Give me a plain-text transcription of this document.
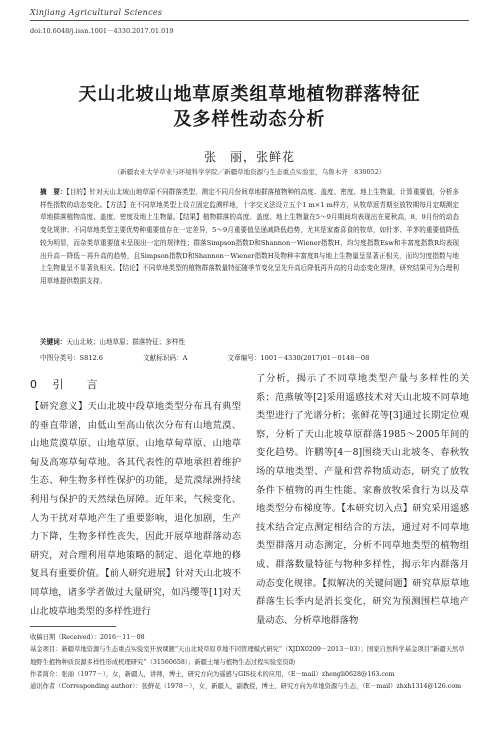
Xinjiang Agricultural Sciences
doi:10.6048/j.issn.1001－4330.2017.01.019
天山北坡山地草原类组草地植物群落特征
及多样性动态分析
张　丽，张鲜花
（新疆农业大学草业与环境科学学院／新疆草地资源与生态重点实验室，乌鲁木齐　830052）
摘　要：【目的】针对天山北坡山地草原不同群落类型，测定不同月份间草地群落植物种的高度、盖度、密度、地上生物量，计算重要值，分析多样性指数的动态变化。【方法】在不同草地类型上设立固定监测样地，十字交叉法设立五个1 m×1 m样方，从牧草返青期至放牧期每月定期测定草地群落植物高度、盖度、密度及地上生物量。【结果】植物群落的高度、盖度、地上生物量在5～9月期间均表现出在夏秋高，8，9月份的动态变化规律；不同草地类型主要优势种重要值存在一定差异，5～9月重要值呈递减降低趋势，尤其是家畜喜食的牧草，如针茅、羊茅的重要值降低较为明显，而杂类草重要值未呈现出一定的规律性；群落Simpson指数D和Shannon－Wiener指数H、均匀度指数Esw和丰富度指数R均表现出升高－降低－再升高的趋势，且Simpson指数D和Shannon－Wiener指数H及物种丰富度R与地上生物量呈显著正相关，而均匀度指数与地上生物量呈不显著负相关。【结论】不同草地类型的植物群落数量特征随季节变化呈先升高后降低再升高的月动态变化规律，研究结果可为合理利用草地提供数据支持。
关键词：天山北坡；山地草原；群落特征；多样性
中图分类号：S812.6	文献标识码：A	文章编号：1001－4330(2017)01－0148－08
0 引　言
【研究意义】天山北坡中段草地类型分布具有典型的垂直带谱，由低山至高山依次分布有山地荒漠、山地荒漠草原、山地草原、山地草甸草原、山地草甸及高寒草甸草地。各其代表性的草地承担着维护生态、种生物多样性保护的功能，是荒漠绿洲持续利用与保护的天然绿色屏障。近年来，气候变化、人为干扰对草地产生了重要影响，退化加剧，生产力下降，生物多样性丧失，因此开展草地群落动态研究，对合理利用草地策略的制定、退化草地的修复具有重要价值。【前人研究进展】针对天山北坡不同草地，诸多学者做过大量研究，如冯缨等[1]对天山北坡草地类型的多样性进行
了分析，揭示了不同草地类型产量与多样性的关系；范燕敏等[2]采用遥感技术对天山北坡不同草地类型进行了光谱分析；张鲜花等[3]通过长期定位观察，分析了天山北坡草原群落1985～2005年间的变化趋势。许鹏等[4－8]围绕天山北坡冬、春秋牧场的草地类型、产量和营养物质动态，研究了放牧条件下植物的再生性能、家畜放牧采食行为以及草地类型分布梯度等。【本研究切入点】研究采用遥感技术结合定点测定相结合的方法，通过对不同草地类型群落月动态测定，分析不同草地类型的植物组成、群落数量特征与物种多样性，揭示年内群落月动态变化规律。【拟解决的关键问题】研究草原草地群落生长季内是消长变化，研究为预测围栏草地产量动态、分析草地群落物

收稿日期（Received）：2016－11－08

基金项目：新疆草地资源与生态重点实验室开放课题“天山北坡草原草地不同管理模式研究”（XJDX0209－2013－03）；国家自然科学基金项目“新疆天然草地野生植物种质资源多样性形成机理研究”（31560658）；新疆土壤与植物生态过程实验室资助

作者简介：张丽（1977－），女，新疆人，讲师，博士，研究方向为遥感与GIS技术的应用，（E－mail）zhengli0628@163.com

通讯作者（Corresponding author）：张鲜花（1978－），女，新疆人，副教授，博士，研究方向为草地资源与生态，（E－mail）zhxh1314@126.com
